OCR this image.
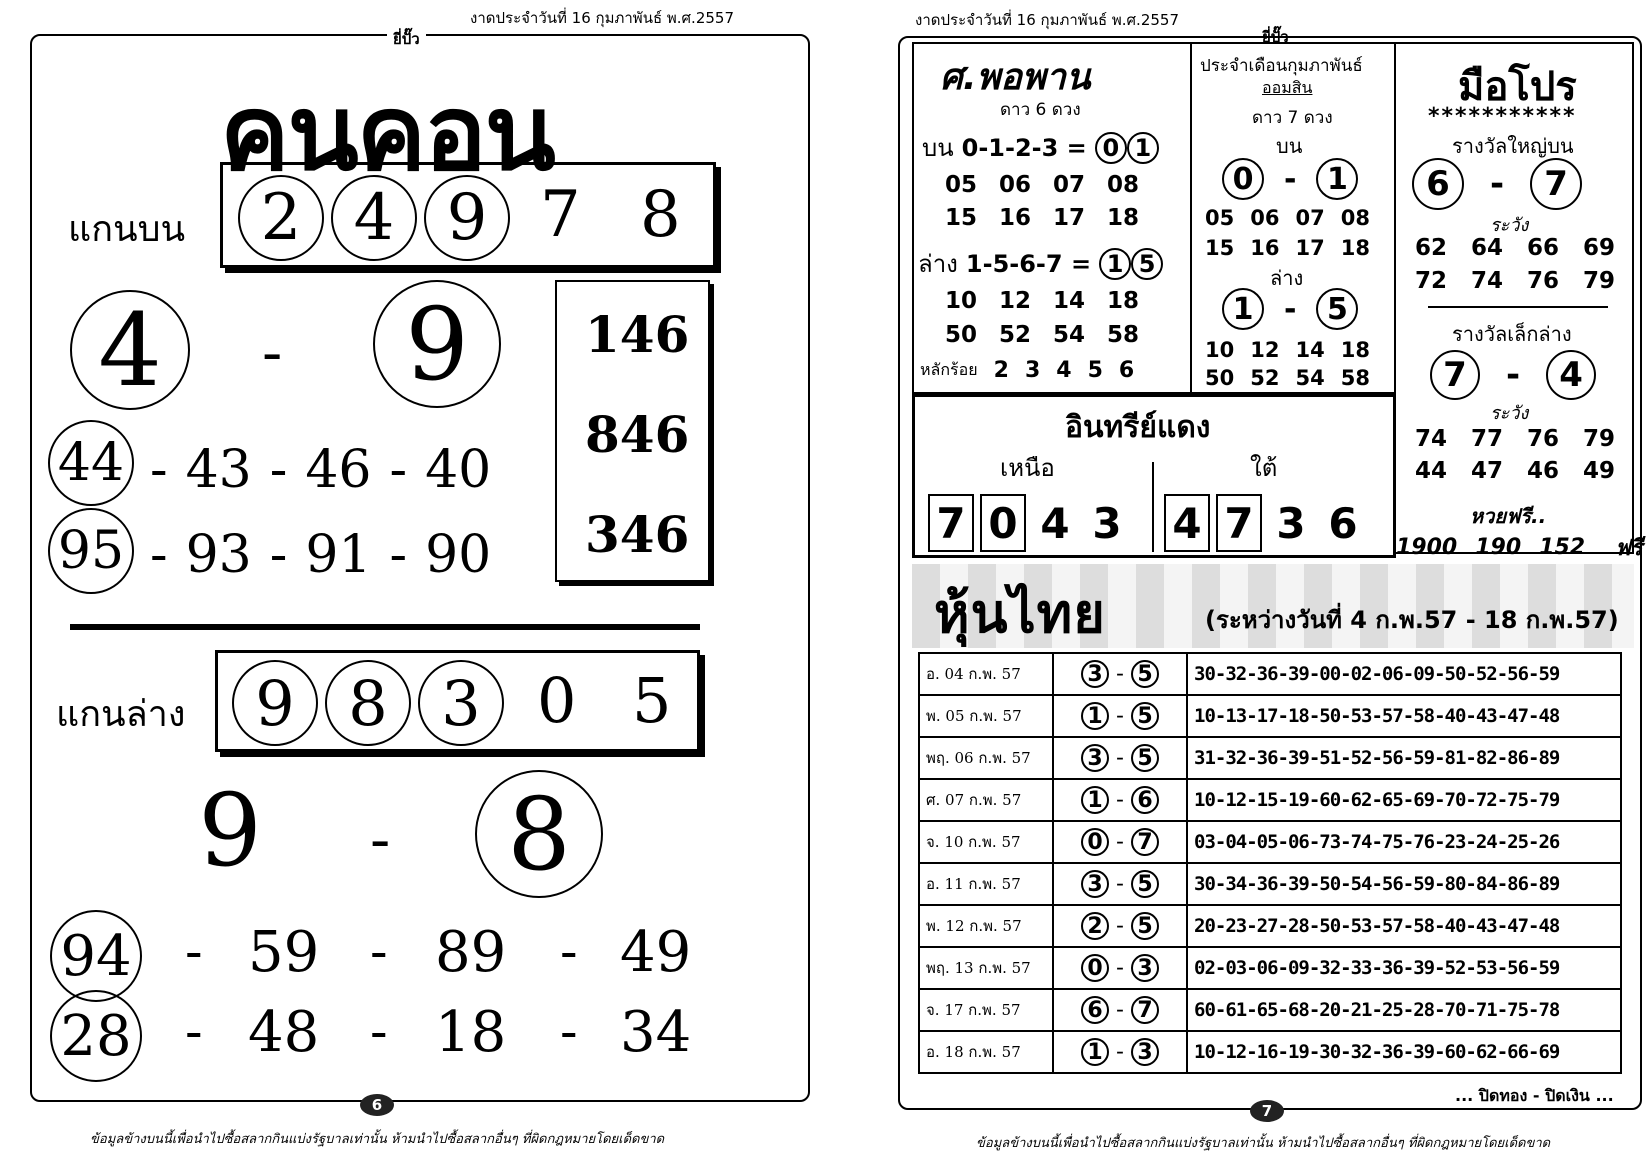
งาดประจำวันที่ 16 กุมภาพันธ์ พ.ศ.2557
ยี่ปั๊ว
คนคอน
แกนบน	2 4 9 7 8
4	-	9	146
846
346
44 - 43 - 46 - 40
95 - 93 - 91 - 90
แกนล่าง	9 8 3 0 5
9	-	8
94 - 59 - 89 - 49
28 - 48 - 18 - 34
6
ข้อมูลข้างบนนี้เพื่อนำไปซื้อสลากกินแบ่งรัฐบาลเท่านั้น ห้ามนำไปซื้อสลากอื่นๆ ที่ผิดกฎหมายโดยเด็ดขาด
งาดประจำวันที่ 16 กุมภาพันธ์ พ.ศ.2557
ยี่ปั๊ว
ศ.พอพาน
ดาว 6 ดวง
บน 0-1-2-3 = 0 1
05 06 07 08
15 16 17 18
ล่าง 1-5-6-7 = 1 5
10 12 14 18
50 52 54 58
หลักร้อย 2 3 4 5 6
ประจำเดือนกุมภาพันธ์
ออมสิน
ดาว 7 ดวง
บน
0	-	1
05 06 07 08
15 16 17 18
ล่าง
1	-	5
10 12 14 18
50 52 54 58
มือโปร
***********
รางวัลใหญ่บน
6	-	7
ระวัง
62 64 66 69
72 74 76 79
รางวัลเล็กล่าง
7	-	4
ระวัง
74 77 76 79
44 47 46 49
หวยฟรี..
1900 190 152 ฟรี
อินทรีย์แดง
เหนือ	ใต้
7 0 4 3 4 7 3 6
หุ้นไทย	(ระหว่างวันที่ 4 ก.พ.57 - 18 ก.พ.57)
อ. 04 ก.พ. 57	3 - 5	30-32-36-39-00-02-06-09-50-52-56-59
พ. 05 ก.พ. 57	1 - 5	10-13-17-18-50-53-57-58-40-43-47-48
พฤ. 06 ก.พ. 57	3 - 5	31-32-36-39-51-52-56-59-81-82-86-89
ศ. 07 ก.พ. 57	1 - 6	10-12-15-19-60-62-65-69-70-72-75-79
จ. 10 ก.พ. 57	0 - 7	03-04-05-06-73-74-75-76-23-24-25-26
อ. 11 ก.พ. 57	3 - 5	30-34-36-39-50-54-56-59-80-84-86-89
พ. 12 ก.พ. 57	2 - 5	20-23-27-28-50-53-57-58-40-43-47-48
พฤ. 13 ก.พ. 57	0 - 3	02-03-06-09-32-33-36-39-52-53-56-59
จ. 17 ก.พ. 57	6 - 7	60-61-65-68-20-21-25-28-70-71-75-78
อ. 18 ก.พ. 57	1 - 3	10-12-16-19-30-32-36-39-60-62-66-69
... ปิดทอง - ปิดเงิน ...
7
ข้อมูลข้างบนนี้เพื่อนำไปซื้อสลากกินแบ่งรัฐบาลเท่านั้น ห้ามนำไปซื้อสลากอื่นๆ ที่ผิดกฎหมายโดยเด็ดขาด
